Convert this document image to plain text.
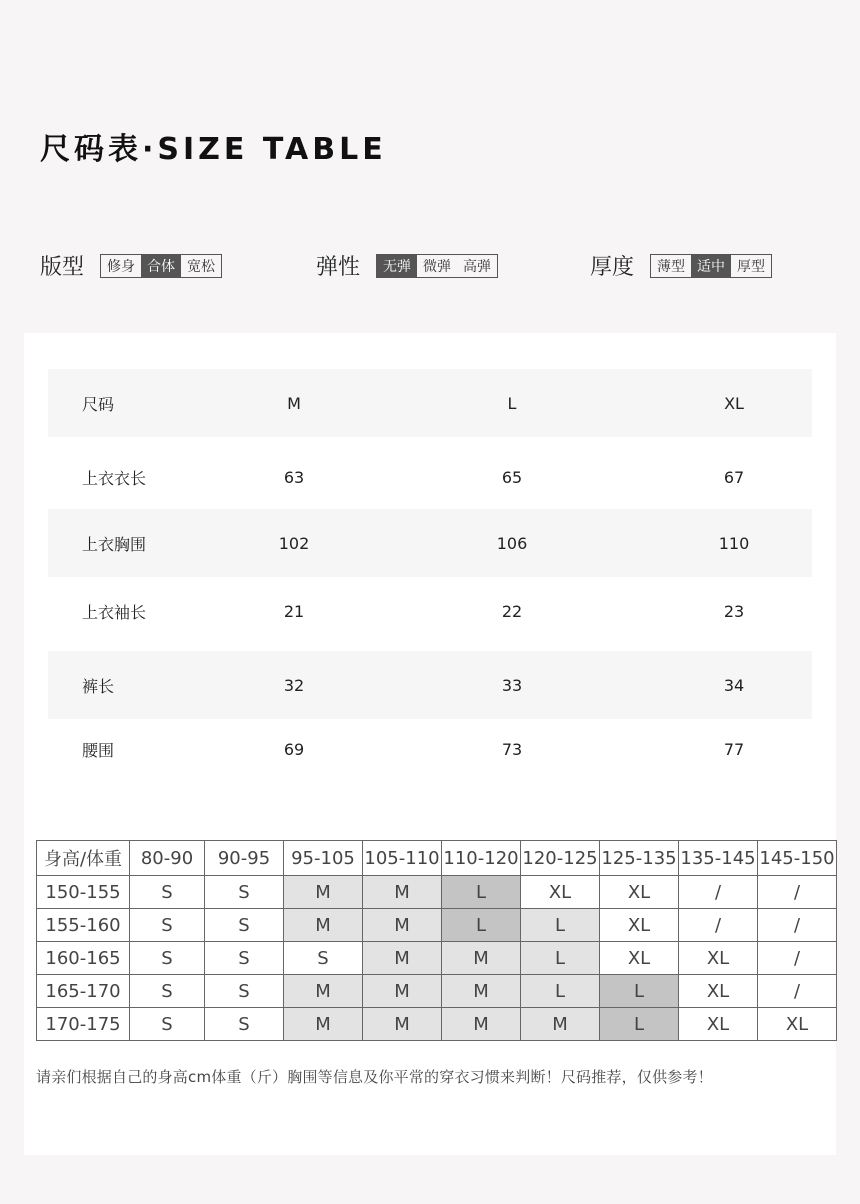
尺码表·SIZE TABLE
版型	修身 合体 宽松	弹性	无弹 微弹 高弹	厚度	薄型 适中 厚型
尺码	M	L	XL
上衣衣长	63	65	67
上衣胸围	102	106	110
上衣袖长	21	22	23
裤长	32	33	34
腰围	69	73	77
身高/体重	80-90	90-95	95-105	105-110	110-120	120-125	125-135	135-145	145-150
150-155	S	S	M	M	L	XL	XL	/	/
155-160	S	S	M	M	L	L	XL	/	/
160-165	S	S	S	M	M	L	XL	XL	/
165-170	S	S	M	M	M	L	L	XL	/
170-175	S	S	M	M	M	M	L	XL	XL
请亲们根据自己的身高cm体重（斤）胸围等信息及你平常的穿衣习惯来判断！尺码推荐，仅供参考！
